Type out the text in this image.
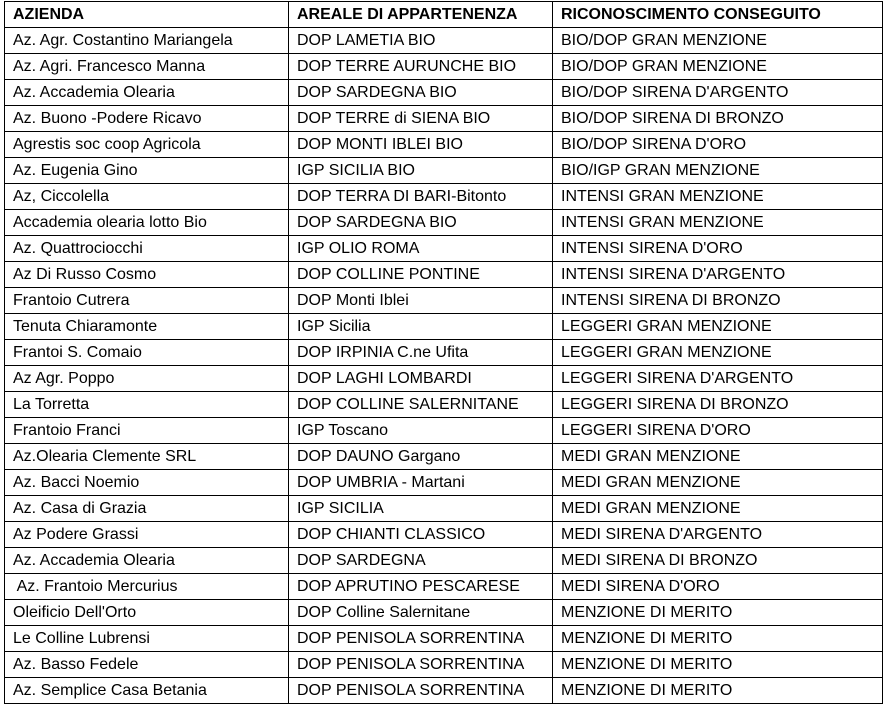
AZIENDA	AREALE DI APPARTENENZA	RICONOSCIMENTO CONSEGUITO
Az. Agr. Costantino Mariangela	DOP LAMETIA BIO	BIO/DOP GRAN MENZIONE
Az. Agri. Francesco Manna	DOP TERRE AURUNCHE BIO	BIO/DOP GRAN MENZIONE
Az. Accademia Olearia	DOP SARDEGNA BIO	BIO/DOP SIRENA D'ARGENTO
Az. Buono -Podere Ricavo	DOP TERRE di SIENA BIO	BIO/DOP SIRENA DI BRONZO
Agrestis soc coop Agricola	DOP MONTI IBLEI BIO	BIO/DOP SIRENA D'ORO
Az. Eugenia Gino	IGP SICILIA BIO	BIO/IGP GRAN MENZIONE
Az, Ciccolella	DOP TERRA DI BARI-Bitonto	INTENSI GRAN MENZIONE
Accademia olearia lotto Bio	DOP SARDEGNA BIO	INTENSI GRAN MENZIONE
Az. Quattrociocchi	IGP OLIO ROMA	INTENSI SIRENA D'ORO
Az Di Russo Cosmo	DOP COLLINE PONTINE	INTENSI SIRENA D'ARGENTO
Frantoio Cutrera	DOP Monti Iblei	INTENSI SIRENA DI BRONZO
Tenuta Chiaramonte	IGP Sicilia	LEGGERI GRAN MENZIONE
Frantoi S. Comaio	DOP IRPINIA C.ne Ufita	LEGGERI GRAN MENZIONE
Az Agr. Poppo	DOP LAGHI LOMBARDI	LEGGERI SIRENA D'ARGENTO
La Torretta	DOP COLLINE SALERNITANE	LEGGERI SIRENA DI BRONZO
Frantoio Franci	IGP Toscano	LEGGERI SIRENA D'ORO
Az.Olearia Clemente SRL	DOP DAUNO Gargano	MEDI GRAN MENZIONE
Az. Bacci Noemio	DOP UMBRIA - Martani	MEDI GRAN MENZIONE
Az. Casa di Grazia	IGP SICILIA	MEDI GRAN MENZIONE
Az Podere Grassi	DOP CHIANTI CLASSICO	MEDI SIRENA D'ARGENTO
Az. Accademia Olearia	DOP SARDEGNA	MEDI SIRENA DI BRONZO
Az. Frantoio Mercurius	DOP APRUTINO PESCARESE	MEDI SIRENA D'ORO
Oleificio Dell'Orto	DOP Colline Salernitane	MENZIONE DI MERITO
Le Colline Lubrensi	DOP PENISOLA SORRENTINA	MENZIONE DI MERITO
Az. Basso Fedele	DOP PENISOLA SORRENTINA	MENZIONE DI MERITO
Az. Semplice Casa Betania	DOP PENISOLA SORRENTINA	MENZIONE DI MERITO
